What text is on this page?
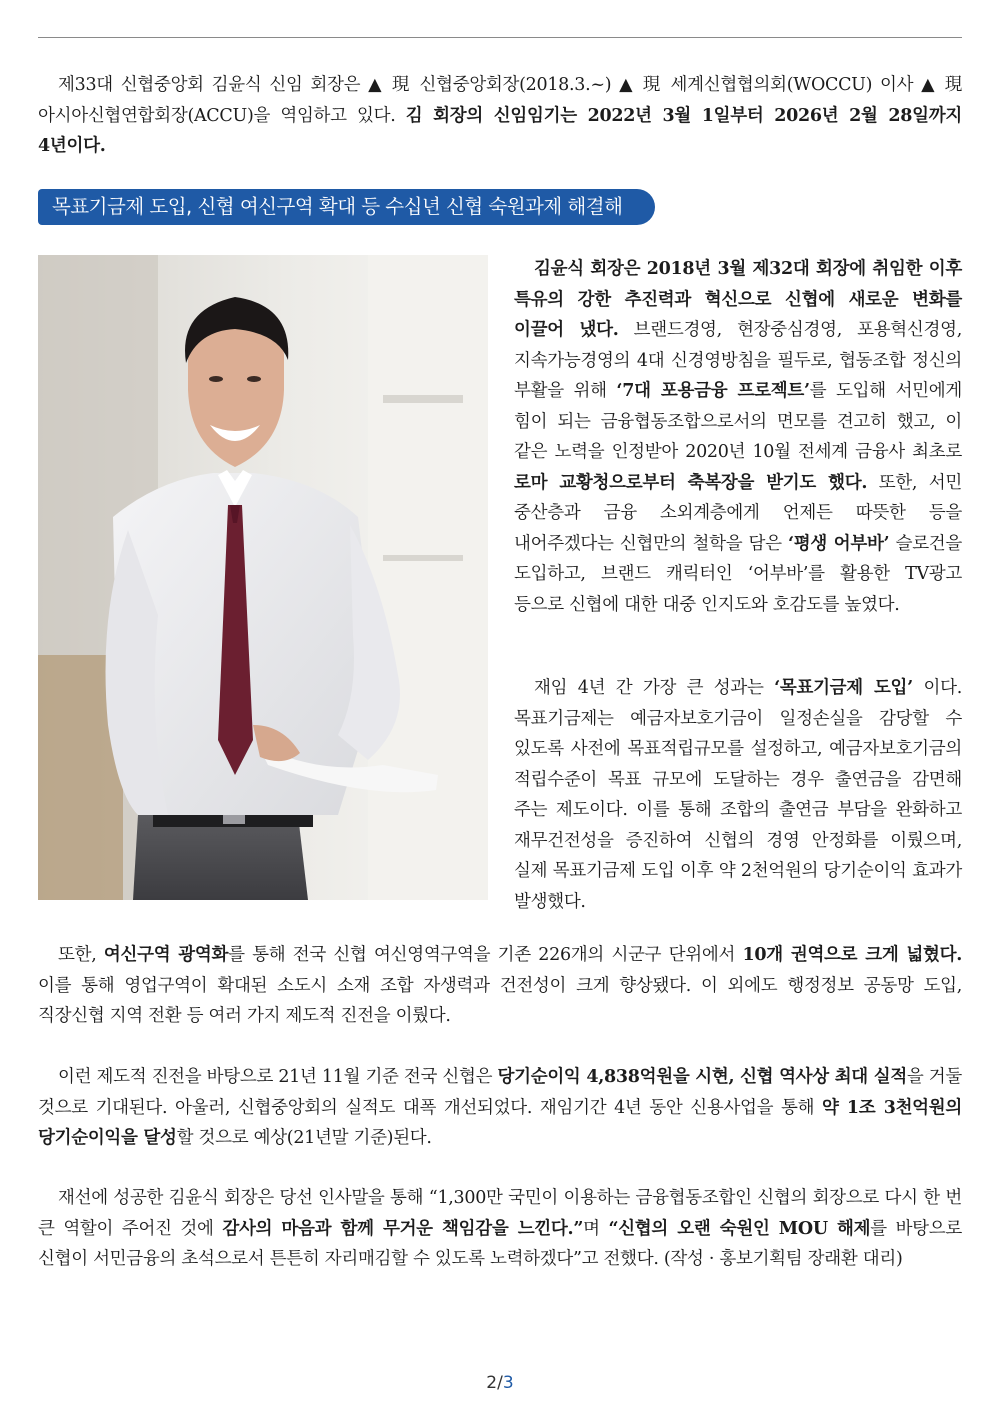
제33대 신협중앙회 김윤식 신임 회장은 ▲ 現 신협중앙회장(2018.3.~) ▲ 現 세계신협협의회(WOCCU) 이사 ▲ 現 아시아신협연합회장(ACCU)을 역임하고 있다. 김 회장의 신임임기는 2022년 3월 1일부터 2026년 2월 28일까지 4년이다.

목표기금제 도입, 신협 여신구역 확대 등 수십년 신협 숙원과제 해결해

김윤식 회장은 2018년 3월 제32대 회장에 취임한 이후 특유의 강한 추진력과 혁신으로 신협에 새로운 변화를 이끌어 냈다. 브랜드경영, 현장중심경영, 포용혁신경영, 지속가능경영의 4대 신경영방침을 필두로, 협동조합 정신의 부활을 위해 ‘7대 포용금융 프로젝트’를 도입해 서민에게 힘이 되는 금융협동조합으로서의 면모를 견고히 했고, 이 같은 노력을 인정받아 2020년 10월 전세계 금융사 최초로 로마 교황청으로부터 축복장을 받기도 했다. 또한, 서민 중산층과 금융 소외계층에게 언제든 따뜻한 등을 내어주겠다는 신협만의 철학을 담은 ‘평생 어부바’ 슬로건을 도입하고, 브랜드 캐릭터인 ‘어부바’를 활용한 TV광고 등으로 신협에 대한 대중 인지도와 호감도를 높였다.

재임 4년 간 가장 큰 성과는 ‘목표기금제 도입’ 이다. 목표기금제는 예금자보호기금이 일정손실을 감당할 수 있도록 사전에 목표적립규모를 설정하고, 예금자보호기금의 적립수준이 목표 규모에 도달하는 경우 출연금을 감면해 주는 제도이다. 이를 통해 조합의 출연금 부담을 완화하고 재무건전성을 증진하여 신협의 경영 안정화를 이뤘으며, 실제 목표기금제 도입 이후 약 2천억원의 당기순이익 효과가 발생했다.

또한, 여신구역 광역화를 통해 전국 신협 여신영역구역을 기존 226개의 시군구 단위에서 10개 권역으로 크게 넓혔다. 이를 통해 영업구역이 확대된 소도시 소재 조합 자생력과 건전성이 크게 향상됐다. 이 외에도 행정정보 공동망 도입, 직장신협 지역 전환 등 여러 가지 제도적 진전을 이뤘다.

이런 제도적 진전을 바탕으로 21년 11월 기준 전국 신협은 당기순이익 4,838억원을 시현, 신협 역사상 최대 실적을 거둘 것으로 기대된다. 아울러, 신협중앙회의 실적도 대폭 개선되었다. 재임기간 4년 동안 신용사업을 통해 약 1조 3천억원의 당기순이익을 달성할 것으로 예상(21년말 기준)된다.

재선에 성공한 김윤식 회장은 당선 인사말을 통해 “1,300만 국민이 이용하는 금융협동조합인 신협의 회장으로 다시 한 번 큰 역할이 주어진 것에 감사의 마음과 함께 무거운 책임감을 느낀다.”며 “신협의 오랜 숙원인 MOU 해제를 바탕으로 신협이 서민금융의 초석으로서 튼튼히 자리매김할 수 있도록 노력하겠다”고 전했다. (작성 · 홍보기획팀 장래환 대리)

2/3
